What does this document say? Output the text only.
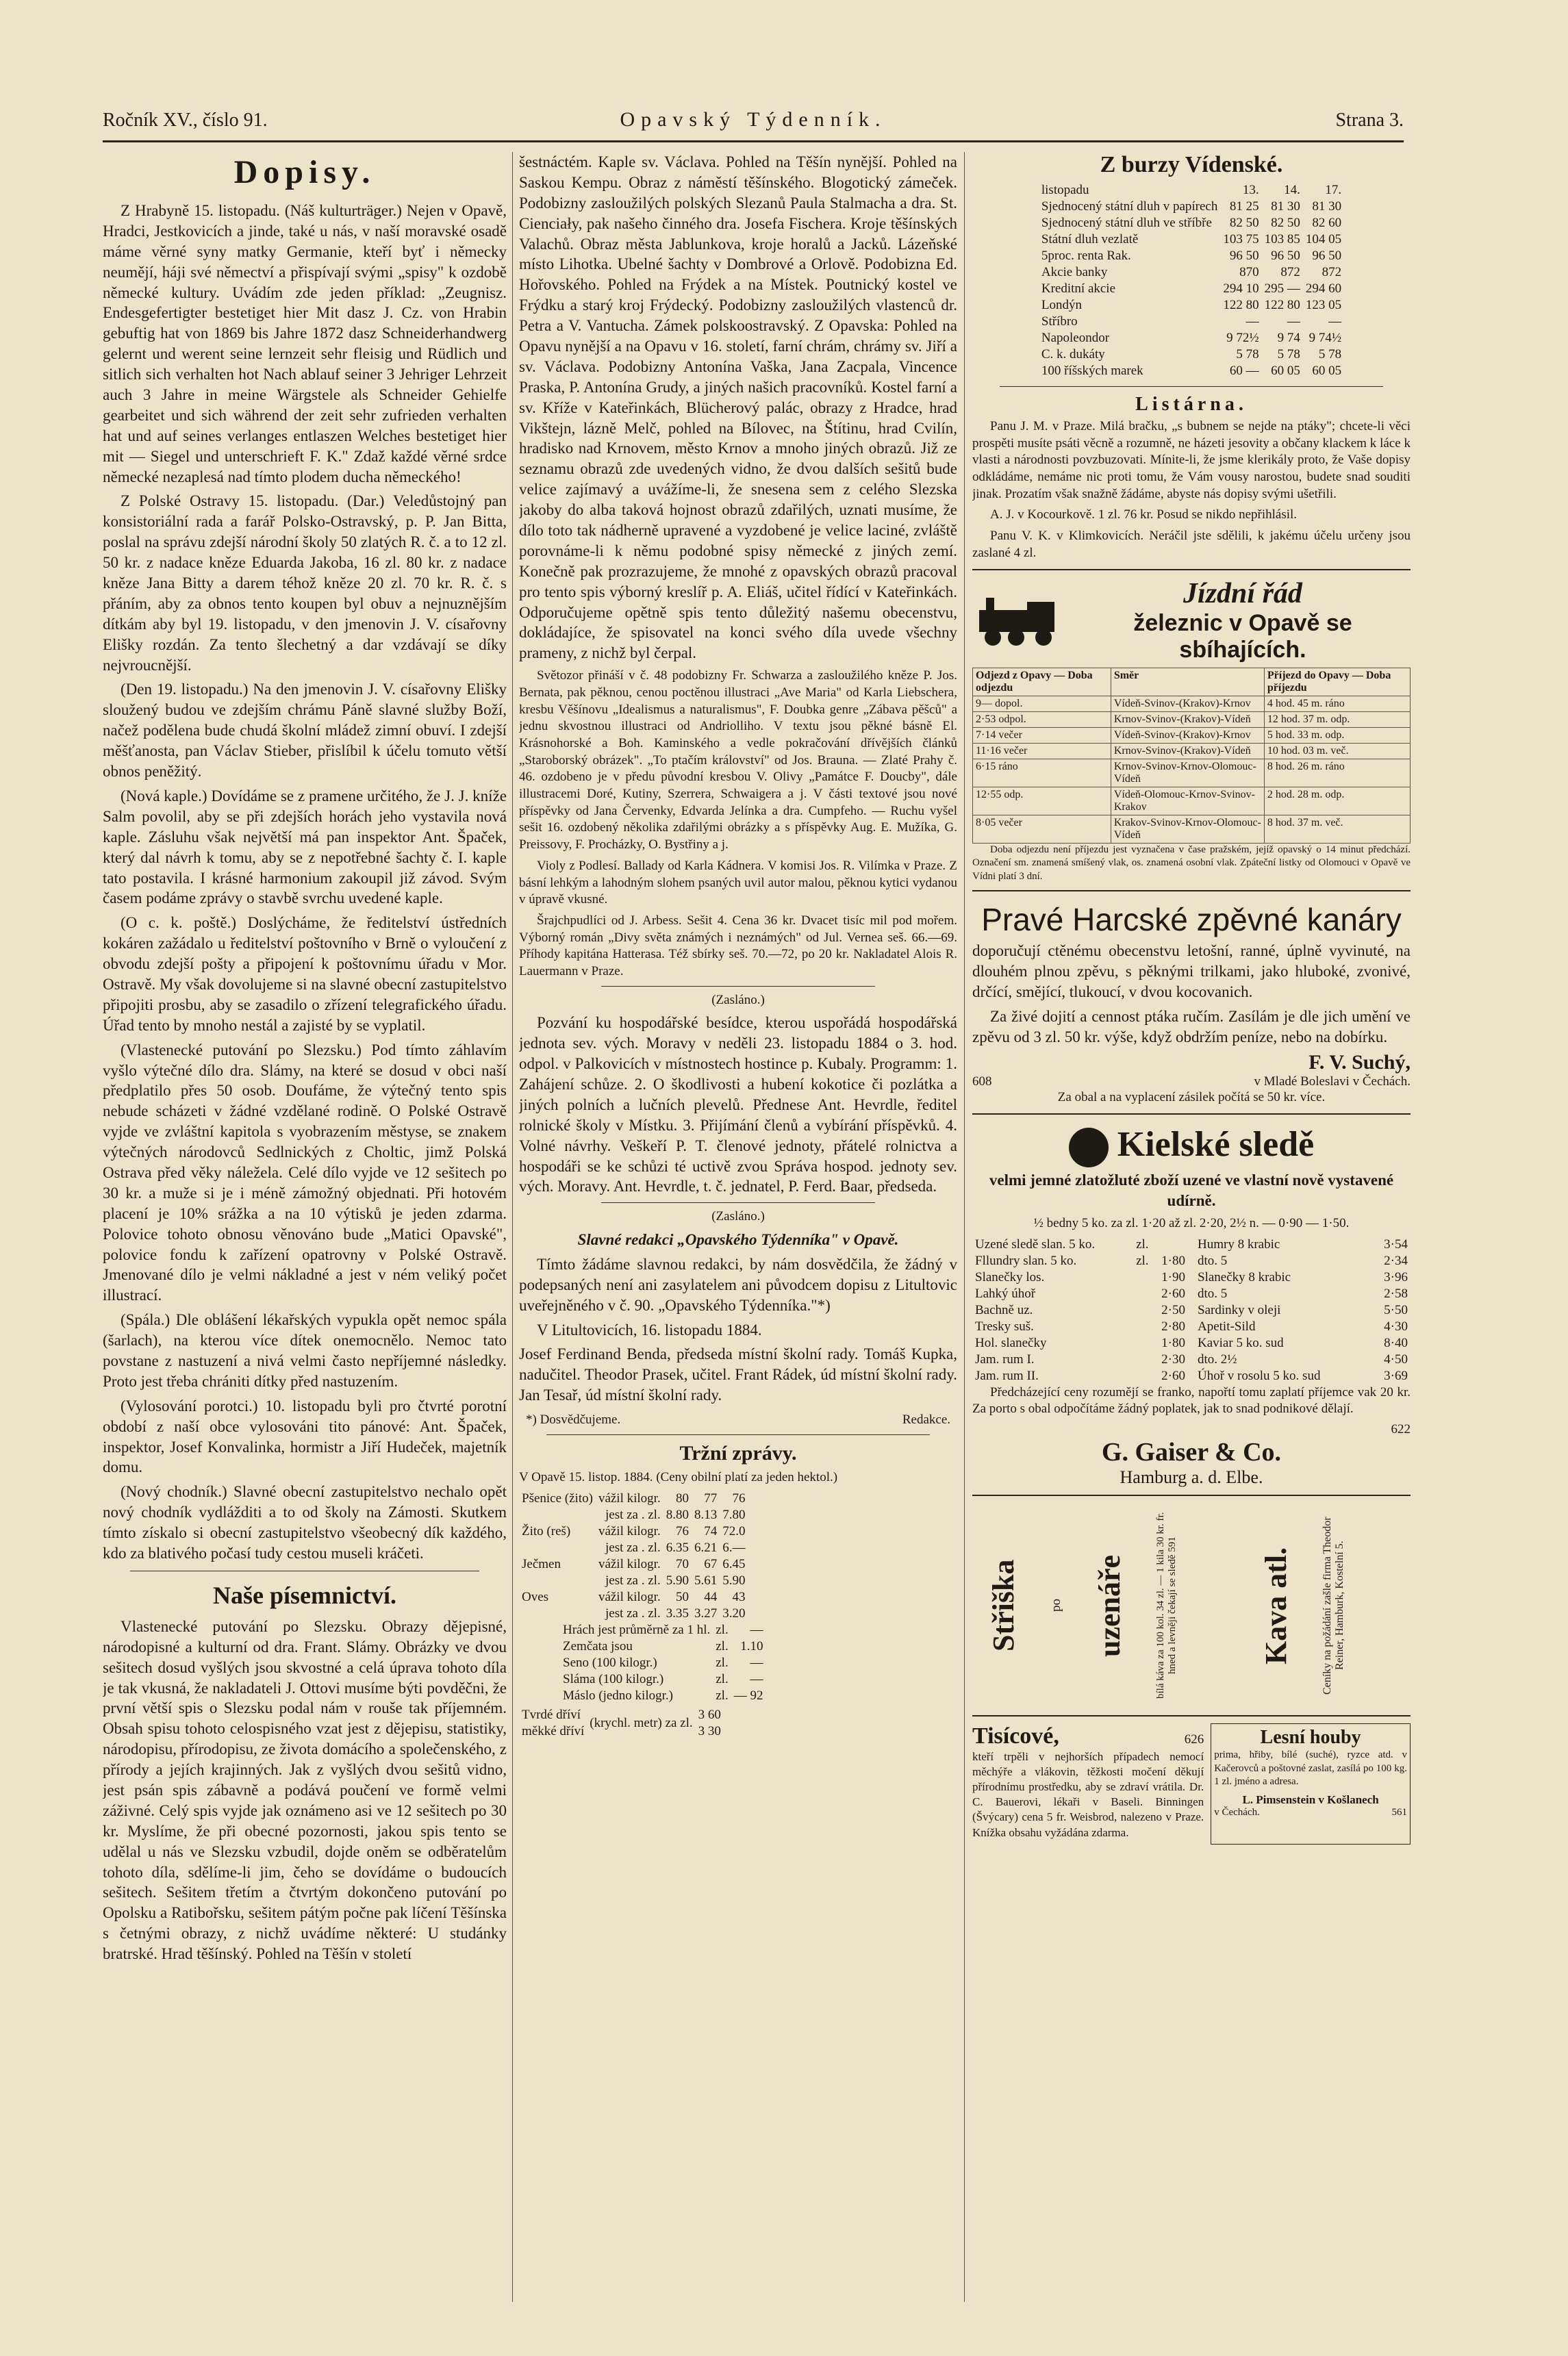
Ročník XV., číslo 91.	Opavský Týdenník.	Strana 3.
Dopisy.

Z Hrabyně 15. listopadu. (Náš kulturträger.) Nejen v Opavě, Hradci, Jestkovicích a jinde, také u nás, v naší moravské osadě máme věrné syny matky Germanie, kteří byť i německy neumějí, háji své němectví a přispívají svými „spisy" k ozdobě německé kultury. Uvádím zde jeden příklad: „Zeugnisz. Endesgefertigter bestetiget hier Mit dasz J. Cz. von Hrabin gebuftig hat von 1869 bis Jahre 1872 dasz Schneiderhandwerg gelernt und werent seine lernzeit sehr fleisig und Rüdlich und sitlich sich verhalten hot Nach ablauf seiner 3 Jehriger Lehrzeit auch 3 Jahre in meine Wärgstele als Schneider Gehielfe gearbeitet und sich während der zeit sehr zufrieden verhalten hat und auf seines verlanges entlaszen Welches bestetiget hier mit — Siegel und unterschrieft F. K." Zdaž každé věrné srdce německé nezaplesá nad tímto plodem ducha německého!

Z Polské Ostravy 15. listopadu. (Dar.) Veledůstojný pan konsistoriální rada a farář Polsko-Ostravský, p. P. Jan Bitta, poslal na správu zdejší národní školy 50 zlatých R. č. a to 12 zl. 50 kr. z nadace kněze Eduarda Jakoba, 16 zl. 80 kr. z nadace kněze Jana Bitty a darem téhož kněze 20 zl. 70 kr. R. č. s přáním, aby za obnos tento koupen byl obuv a nejnuznějším dítkám aby byl 19. listopadu, v den jmenovin J. V. císařovny Elišky rozdán. Za tento šlechetný a dar vzdávají se díky nejvroucnější.

(Den 19. listopadu.) Na den jmenovin J. V. císařovny Elišky sloužený budou ve zdejším chrámu Páně slavné služby Boží, načež podělena bude chudá školní mládež zimní obuví. I zdejší měšťanosta, pan Václav Stieber, přislíbil k účelu tomuto větší obnos peněžitý.

(Nová kaple.) Dovídáme se z pramene určitého, že J. J. kníže Salm povolil, aby se při zdejších horách jeho vystavila nová kaple. Zásluhu však největší má pan inspektor Ant. Špaček, který dal návrh k tomu, aby se z nepotřebné šachty č. I. kaple tato postavila. I krásné harmonium zakoupil již závod. Svým časem podáme zprávy o stavbě svrchu uvedené kaple.

(O c. k. poště.) Doslýcháme, že ředitelství ústředních kokáren zažádalo u ředitelství poštovního v Brně o vyloučení z obvodu zdejší pošty a připojení k poštovnímu úřadu v Mor. Ostravě. My však dovolujeme si na slavné obecní zastupitelstvo připojiti prosbu, aby se zasadilo o zřízení telegrafického úřadu. Úřad tento by mnoho nestál a zajisté by se vyplatil.

(Vlastenecké putování po Slezsku.) Pod tímto záhlavím vyšlo výtečné dílo dra. Slámy, na které se dosud v obci naší předplatilo přes 50 osob. Doufáme, že výtečný tento spis nebude scházeti v žádné vzdělané rodině. O Polské Ostravě vyjde ve zvláštní kapitola s vyobrazením městyse, se znakem výtečných národovců Sedlnických z Choltic, jimž Polská Ostrava před věky náležela. Celé dílo vyjde ve 12 sešitech po 30 kr. a muže si je i méně zámožný objednati. Při hotovém placení je 10% srážka a na 10 výtisků je jeden zdarma. Polovice tohoto obnosu věnováno bude „Matici Opavské", polovice fondu k zařízení opatrovny v Polské Ostravě. Jmenované dílo je velmi nákladné a jest v ném veliký počet illustrací.

(Spála.) Dle oblášení lékařských vypukla opět nemoc spála (šarlach), na kterou více dítek onemocnělo. Nemoc tato povstane z nastuzení a nivá velmi často nepříjemné následky. Proto jest třeba chrániti dítky před nastuzením.

(Vylosování porotci.) 10. listopadu byli pro čtvrté porotní období z naší obce vylosováni tito pánové: Ant. Špaček, inspektor, Josef Konvalinka, hormistr a Jiří Hudeček, majetník domu.

(Nový chodník.) Slavné obecní zastupitelstvo nechalo opět nový chodník vydlážditi a to od školy na Zámosti. Skutkem tímto získalo si obecní zastupitelstvo všeobecný dík každého, kdo za blativého počasí tudy cestou museli kráčeti.

Naše písemnictví.

Vlastenecké putování po Slezsku. Obrazy dějepisné, národopisné a kulturní od dra. Frant. Slámy. Obrázky ve dvou sešitech dosud vyšlých jsou skvostné a celá úprava tohoto díla je tak vkusná, že nakladateli J. Ottovi musíme býti povděčni, že první větší spis o Slezsku podal nám v rouše tak příjemném. Obsah spisu tohoto celospisného vzat jest z dějepisu, statistiky, národopisu, přírodopisu, ze života domácího a společenského, z přírody a jejích krajinných. Jak z vyšlých dvou sešitů vidno, jest psán spis zábavně a podává poučení ve formě velmi záživné. Celý spis vyjde jak oznámeno asi ve 12 sešitech po 30 kr. Myslíme, že při obecné pozornosti, jakou spis tento se udělal u nás ve Slezsku vzbudil, dojde oněm se odběratelům tohoto díla, sdělíme-li jim, čeho se dovídáme o budoucích sešitech. Sešitem třetím a čtvrtým dokončeno putování po Opolsku a Ratibořsku, sešitem pátým počne pak líčení Těšínska s četnými obrazy, z nichž uvádíme některé: U studánky bratrské. Hrad těšínský. Pohled na Těšín v století

šestnáctém. Kaple sv. Václava. Pohled na Těšín nynější. Pohled na Saskou Kempu. Obraz z náměstí těšínského. Blogotický zámeček. Podobizny zasloužilých polských Slezanů Paula Stalmacha a dra. St. Cienciały, pak našeho činného dra. Josefa Fischera. Kroje těšínských Valachů. Obraz města Jablunkova, kroje horalů a Jacků. Lázeňské místo Lihotka. Ubelné šachty v Dombrové a Orlově. Podobizna Ed. Hořovského. Pohled na Frýdek a na Místek. Poutnický kostel ve Frýdku a starý kroj Frýdecký. Podobizny zasloužilých vlastenců dr. Petra a V. Vantucha. Zámek polskoostravský. Z Opavska: Pohled na Opavu nynější a na Opavu v 16. století, farní chrám, chrámy sv. Jiří a sv. Václava. Podobizny Antonína Vaška, Jana Zacpala, Vincence Praska, P. Antonína Grudy, a jiných našich pracovníků. Kostel farní a sv. Kříže v Kateřinkách, Blücherový palác, obrazy z Hradce, hrad Vikštejn, lázně Melč, pohled na Bílovec, na Štítinu, hrad Cvilín, hradisko nad Krnovem, město Krnov a mnoho jiných obrazů. Již ze seznamu obrazů zde uvedených vidno, že dvou dalších sešitů bude velice zajímavý a uvážíme-li, že snesena sem z celého Slezska jakoby do alba taková hojnost obrazů zdařilých, uznati musíme, že dílo toto tak nádherně upravené a vyzdobené je velice laciné, zvláště porovnáme-li k němu podobné spisy německé z jiných zemí. Konečně pak prozrazujeme, že mnohé z opavských obrazů pracoval pro tento spis výborný kreslíř p. A. Eliáš, učitel řídící v Kateřinkách. Odporučujeme opětně spis tento důležitý našemu obecenstvu, dokládajíce, že spisovatel na konci svého díla uvede všechny prameny, z nichž byl čerpal.

Světozor přináší v č. 48 podobizny Fr. Schwarza a zasloužilého kněze P. Jos. Bernata, pak pěknou, cenou poctěnou illustraci „Ave Maria" od Karla Liebschera, kresbu Věšínovu „Idealismus a naturalismus", F. Doubka genre „Zábava pěšců" a jednu skvostnou illustraci od Andriolliho. V textu jsou pěkné básně El. Krásnohorské a Boh. Kaminského a vedle pokračování dřívějších článků „Staroborský obrázek". „To ptačím království" od Jos. Brauna. — Zlaté Prahy č. 46. ozdobeno je v předu původní kresbou V. Olivy „Památce F. Doucby", dále illustracemi Doré, Kutiny, Szerrera, Schwaigera a j. V části textové jsou nové příspěvky od Jana Červenky, Edvarda Jelínka a dra. Cumpfeho. — Ruchu vyšel sešit 16. ozdobený několika zdařilými obrázky a s příspěvky Aug. E. Mužíka, G. Preissovy, F. Procházky, O. Bystřiny a j.

Violy z Podlesí. Ballady od Karla Kádnera. V komisi Jos. R. Vilímka v Praze. Z básní lehkým a lahodným slohem psaných uvil autor malou, pěknou kytici vydanou v úpravě vkusné.

Šrajchpudlíci od J. Arbess. Sešit 4. Cena 36 kr. Dvacet tisíc mil pod mořem. Výborný román „Divy světa známých i neznámých" od Jul. Vernea seš. 66.—69. Příhody kapitána Hatterasa. Též sbírky seš. 70.—72, po 20 kr. Nakladatel Alois R. Lauermann v Praze.

(Zasláno.)

Pozvání ku hospodářské besídce, kterou uspořádá hospodářská jednota sev. vých. Moravy v neděli 23. listopadu 1884 o 3. hod. odpol. v Palkovicích v místnostech hostince p. Kubaly. Programm: 1. Zahájení schůze. 2. O škodlivosti a hubení kokotice či pozlátka a jiných polních a lučních plevelů. Přednese Ant. Hevrdle, ředitel rolnické školy v Místku. 3. Přijímání členů a vybírání příspěvků. 4. Volné návrhy. Veškeří P. T. členové jednoty, přátelé rolnictva a hospodáři se ke schůzi té uctivě zvou Správa hospod. jednoty sev. vých. Moravy. Ant. Hevrdle, t. č. jednatel, P. Ferd. Baar, předseda.

(Zasláno.)

Slavné redakci „Opavského Týdenníka" v Opavě.

Tímto žádáme slavnou redakci, by nám dosvědčila, že žádný v podepsaných není ani zasylatelem ani původcem dopisu z Litultovic uveřejněného v č. 90. „Opavského Týdenníka."*)

V Litultovicích, 16. listopadu 1884.

Josef Ferdinand Benda, předseda místní školní rady. Tomáš Kupka, nadučitel. Theodor Prasek, učitel. Frant Rádek, úd místní školní rady. Jan Tesař, úd místní školní rady.

*) Dosvědčujeme.	Redakce.
Tržní zprávy.

V Opavě 15. listop. 1884. (Ceny obilní platí za jeden hektol.)

Pšenice (žito)	vážil kilogr.	80	77	76
	jest za . zl.	8.80	8.13	7.80
Žito (reš)	vážil kilogr.	76	74	72.0
	jest za . zl.	6.35	6.21	6.—
Ječmen	vážil kilogr.	70	67	6.45
	jest za . zl.	5.90	5.61	5.90
Oves	vážil kilogr.	50	44	43
	jest za . zl.	3.35	3.27	3.20
Hrách jest průměrně za 1 hl.	zl.	—
Zemčata jsou	zl.	1.10
Seno (100 kilogr.)	zl.	—
Sláma (100 kilogr.)	zl.	—
Máslo (jedno kilogr.)	zl.	— 92
Tvrdé dříví	(krychl. metr) za zl.	3 60
měkké dříví		3 30
Z burzy Vídenské.
listopadu	13.	14.	17.
Sjednocený státní dluh v papírech	81 25	81 30	81 30
Sjednocený státní dluh ve stříbře	82 50	82 50	82 60
Státní dluh vezlatě	103 75	103 85	104 05
5proc. renta Rak.	96 50	96 50	96 50
Akcie banky	870	872	872
Kreditní akcie	294 10	295 —	294 60
Londýn	122 80	122 80	123 05
Stříbro	—	—	—
Napoleondor	9 72½	9 74	9 74½
C. k. dukáty	5 78	5 78	5 78
100 říšských marek	60 —	60 05	60 05
Listárna.

Panu J. M. v Praze. Milá bračku, „s bubnem se nejde na ptáky"; chcete-li věci prospěti musíte psáti věcně a rozumně, ne házeti jesovity a občany klackem k láce k vlasti a národnosti povzbuzovati. Mínite-li, že jsme klerikály proto, že Vaše dopisy odkládáme, nemáme nic proti tomu, že Vám vousy narostou, budete snad souditi jinak. Prozatím však snažně žádáme, abyste nás dopisy svými ušetřili.

A. J. v Kocourkově. 1 zl. 76 kr. Posud se nikdo nepřihlásil.

Panu V. K. v Klimkovicích. Neráčil jste sdělili, k jakému účelu určeny jsou zaslané 4 zl.

Jízdní řád
železnic v Opavě se sbíhajících.
Odjezd z Opavy — Doba odjezdu	Směr	Příjezd do Opavy — Doba příjezdu
9— dopol.	Vídeň-Svinov-(Krakov)-Krnov	4 hod. 45 m. ráno
2·53 odpol.	Krnov-Svinov-(Krakov)-Vídeň	12 hod. 37 m. odp.
7·14 večer	Vídeň-Svinov-(Krakov)-Krnov	5 hod. 33 m. odp.
11·16 večer	Krnov-Svinov-(Krakov)-Vídeň	10 hod. 03 m. več.
6·15 ráno	Krnov-Svinov-Krnov-Olomouc-Vídeň	8 hod. 26 m. ráno
12·55 odp.	Vídeň-Olomouc-Krnov-Svinov-Krakov	2 hod. 28 m. odp.
8·05 večer	Krakov-Svinov-Krnov-Olomouc-Vídeň	8 hod. 37 m. več.

Doba odjezdu není příjezdu jest vyznačena v čase pražském, jejíž opavský o 14 minut předchází. Označení sm. znamená smíšený vlak, os. znamená osobní vlak. Zpáteční listky od Olomouci v Opavě ve Vídni platí 3 dní.

Pravé Harcské zpěvné kanáry

doporučují ctěnému obecenstvu letošní, ranné, úplně vyvinuté, na dlouhém plnou zpěvu, s pěknými trilkami, jako hluboké, zvonivé, drčící, smějící, tlukoucí, v dvou kocovanich.

Za živé dojití a cennost ptáka ručím. Zasílám je dle jich umění ve zpěvu od 3 zl. 50 kr. výše, když obdržím peníze, nebo na dobírku.

608
F. V. Suchý,
v Mladé Boleslavi v Čechách.

Za obal a na vyplacení zásilek počítá se 50 kr. více.

Kielské sledě

velmi jemné zlatožluté zboží uzené ve vlastní nově vystavené udírně.

½ bedny 5 ko. za zl. 1·20 až zl. 2·20, 2½ n. — 0·90 — 1·50.

Uzené sledě slan. 5 ko.	zl.	
Fllundry slan. 5 ko.	zl.	1·80
Slanečky los.		1·90
Lahký úhoř		2·60
Bachně uz.		2·50
Tresky suš.		2·80
Hol. slanečky		1·80
Jam. rum I.		2·30
Jam. rum II.		2·60
Humry 8 krabic	3·54
dto. 5	2·34
Slanečky 8 krabic	3·96
dto. 5	2·58
Sardinky v oleji	5·50
Apetit-Sild	4·30
Kaviar 5 ko. sud	8·40
dto. 2½	4·50
Úhoř v rosolu 5 ko. sud	3·69

Předcházející ceny rozumějí se franko, napořtí tomu zaplatí příjemce vak 20 kr. Za porto s obal odpočítáme žádný poplatek, jak to snad podnikové dělají.

622
G. Gaiser & Co.
Hamburg a. d. Elbe.
Střiška po uzenáře	bílá káva za 100 kol. 34 zl. — 1 kila 30 kr. fr. hned a levněji čekají se sledě 591	Kava atl.	Ceníky na požádání zašle firma Theodor Reiner, Hamburk, Kostelní 5.
Tisícové,	626

kteří trpěli v nejhorších případech nemocí měchýře a vlákovin, těžkosti močení děkují přírodnímu prostředku, aby se zdraví vrátila. Dr. C. Bauerovi, lékaři v Baseli. Binningen (Švýcary) cena 5 fr. Weisbrod, nalezeno v Praze. Knížka obsahu vyžádána zdarma.

Lesní houby

prima, hřiby, bílé (suché), ryzce atd. v Kačerovců a poštovné zaslat, zasílá po 100 kg. 1 zl. jméno a adresa.

L. Pimsenstein v Košlanech
v Čechách.	561
